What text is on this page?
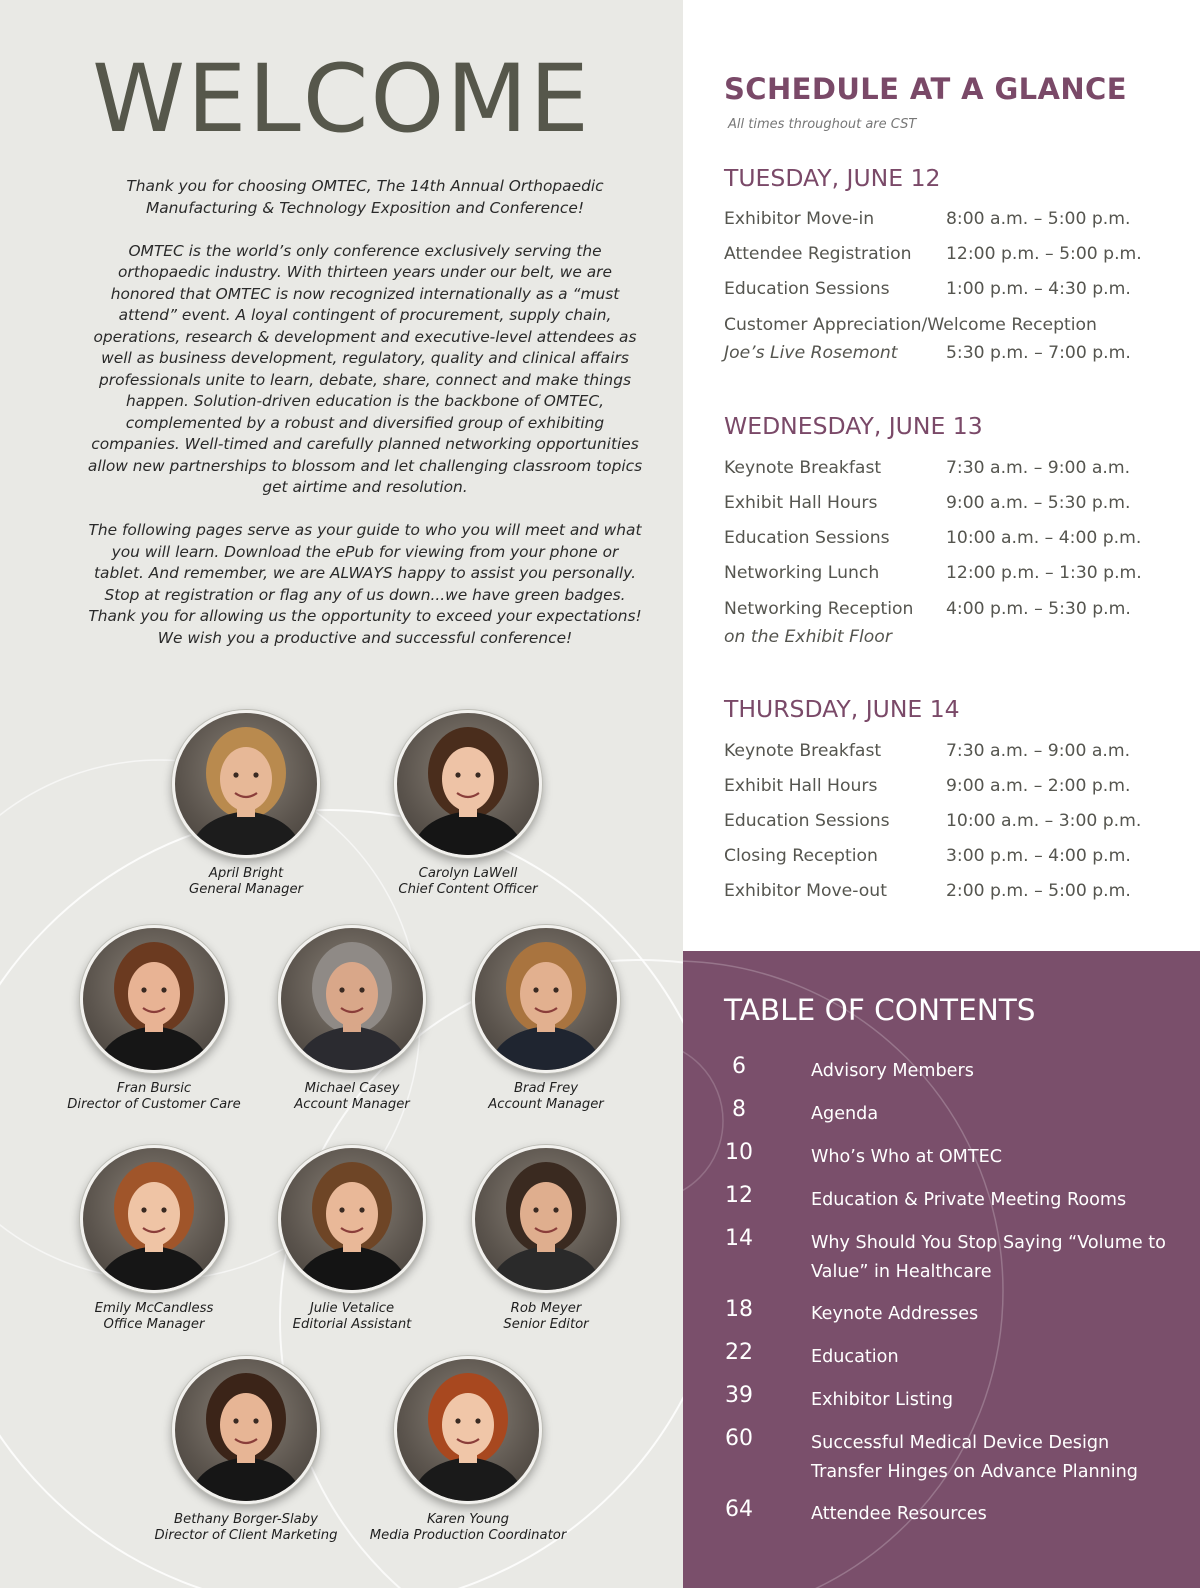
WELCOME

Thank you for choosing OMTEC, The 14th Annual Orthopaedic Manufacturing & Technology Exposition and Conference!

OMTEC is the world’s only conference exclusively serving the orthopaedic industry. With thirteen years under our belt, we are honored that OMTEC is now recognized internationally as a “must attend” event. A loyal contingent of procurement, supply chain, operations, research & development and executive-level attendees as well as business development, regulatory, quality and clinical affairs professionals unite to learn, debate, share, connect and make things happen. Solution-driven education is the backbone of OMTEC, complemented by a robust and diversified group of exhibiting companies. Well-timed and carefully planned networking opportunities allow new partnerships to blossom and let challenging classroom topics get airtime and resolution.

The following pages serve as your guide to who you will meet and what you will learn. Download the ePub for viewing from your phone or tablet. And remember, we are ALWAYS happy to assist you personally. Stop at registration or flag any of us down...we have green badges. Thank you for allowing us the opportunity to exceed your expectations! We wish you a productive and successful conference!

April Bright
General Manager
Carolyn LaWell
Chief Content Officer
Fran Bursic
Director of Customer Care
Michael Casey
Account Manager
Brad Frey
Account Manager
Emily McCandless
Office Manager
Julie Vetalice
Editorial Assistant
Rob Meyer
Senior Editor
Bethany Borger-Slaby
Director of Client Marketing
Karen Young
Media Production Coordinator
SCHEDULE AT A GLANCE
All times throughout are CST
TUESDAY, JUNE 12
Exhibitor Move-in	8:00 a.m. – 5:00 p.m.
Attendee Registration 12:00 p.m. – 5:00 p.m.
Education Sessions	1:00 p.m. – 4:30 p.m.
Customer Appreciation/Welcome Reception
Joe’s Live Rosemont	5:30 p.m. – 7:00 p.m.
WEDNESDAY, JUNE 13
Keynote Breakfast	7:30 a.m. – 9:00 a.m.
Exhibit Hall Hours	9:00 a.m. – 5:30 p.m.
Education Sessions	10:00 a.m. – 4:00 p.m.
Networking Lunch	12:00 p.m. – 1:30 p.m.
Networking Reception
on the Exhibit Floor
4:00 p.m. – 5:30 p.m.
THURSDAY, JUNE 14
Keynote Breakfast	7:30 a.m. – 9:00 a.m.
Exhibit Hall Hours	9:00 a.m. – 2:00 p.m.
Education Sessions	10:00 a.m. – 3:00 p.m.
Closing Reception	3:00 p.m. – 4:00 p.m.
Exhibitor Move-out	2:00 p.m. – 5:00 p.m.
TABLE OF CONTENTS
6	Advisory Members
8	Agenda
10	Who’s Who at OMTEC
12	Education & Private Meeting Rooms
14	Why Should You Stop Saying “Volume to Value” in Healthcare
18	Keynote Addresses
22	Education
39	Exhibitor Listing
60	Successful Medical Device Design Transfer Hinges on Advance Planning
64	Attendee Resources
